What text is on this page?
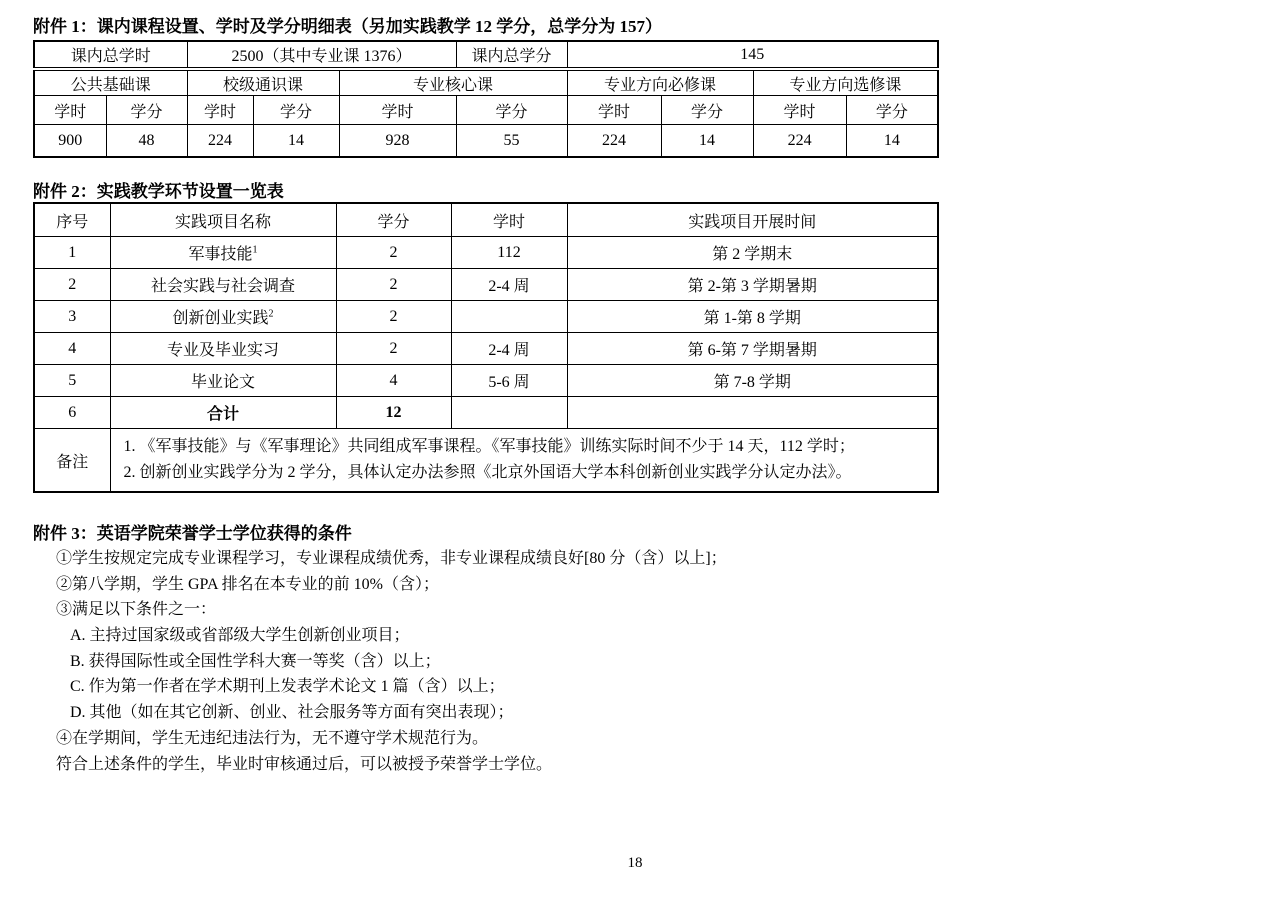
附件 1：课内课程设置、学时及学分明细表（另加实践教学 12 学分，总学分为 157）
课内总学时	2500（其中专业课 1376）	课内总学分	145
公共基础课		校级通识课		专业核心课		专业方向必修课		专业方向选修课	
学时	学分	学时	学分	学时	学分	学时	学分	学时	学分
900	48	224	14	928	55	224	14	224	14
附件 2：实践教学环节设置一览表
序号	实践项目名称	学分	学时	实践项目开展时间
1	军事技能$^1$	2	112	第 2 学期末
2	社会实践与社会调查	2	2-4 周	第 2-第 3 学期暑期
3	创新创业实践$^2$	2		第 1-第 8 学期
4	专业及毕业实习	2	2-4 周	第 6-第 7 学期暑期
5	毕业论文	4	5-6 周	第 7-8 学期
6	合计	12		
备注	1. 《军事技能》与《军事理论》共同组成军事课程。《军事技能》训练实际时间不少于 14 天，112 学时；
2. 创新创业实践学分为 2 学分，具体认定办法参照《北京外国语大学本科创新创业实践学分认定办法》。			
附件 3：英语学院荣誉学士学位获得的条件
①学生按规定完成专业课程学习，专业课程成绩优秀，非专业课程成绩良好[80 分（含）以上]；
②第八学期，学生 GPA 排名在本专业的前 10%（含）；
③满足以下条件之一：
A. 主持过国家级或省部级大学生创新创业项目；
B. 获得国际性或全国性学科大赛一等奖（含）以上；
C. 作为第一作者在学术期刊上发表学术论文 1 篇（含）以上；
D. 其他（如在其它创新、创业、社会服务等方面有突出表现）；
④在学期间，学生无违纪违法行为，无不遵守学术规范行为。
符合上述条件的学生，毕业时审核通过后，可以被授予荣誉学士学位。
18
